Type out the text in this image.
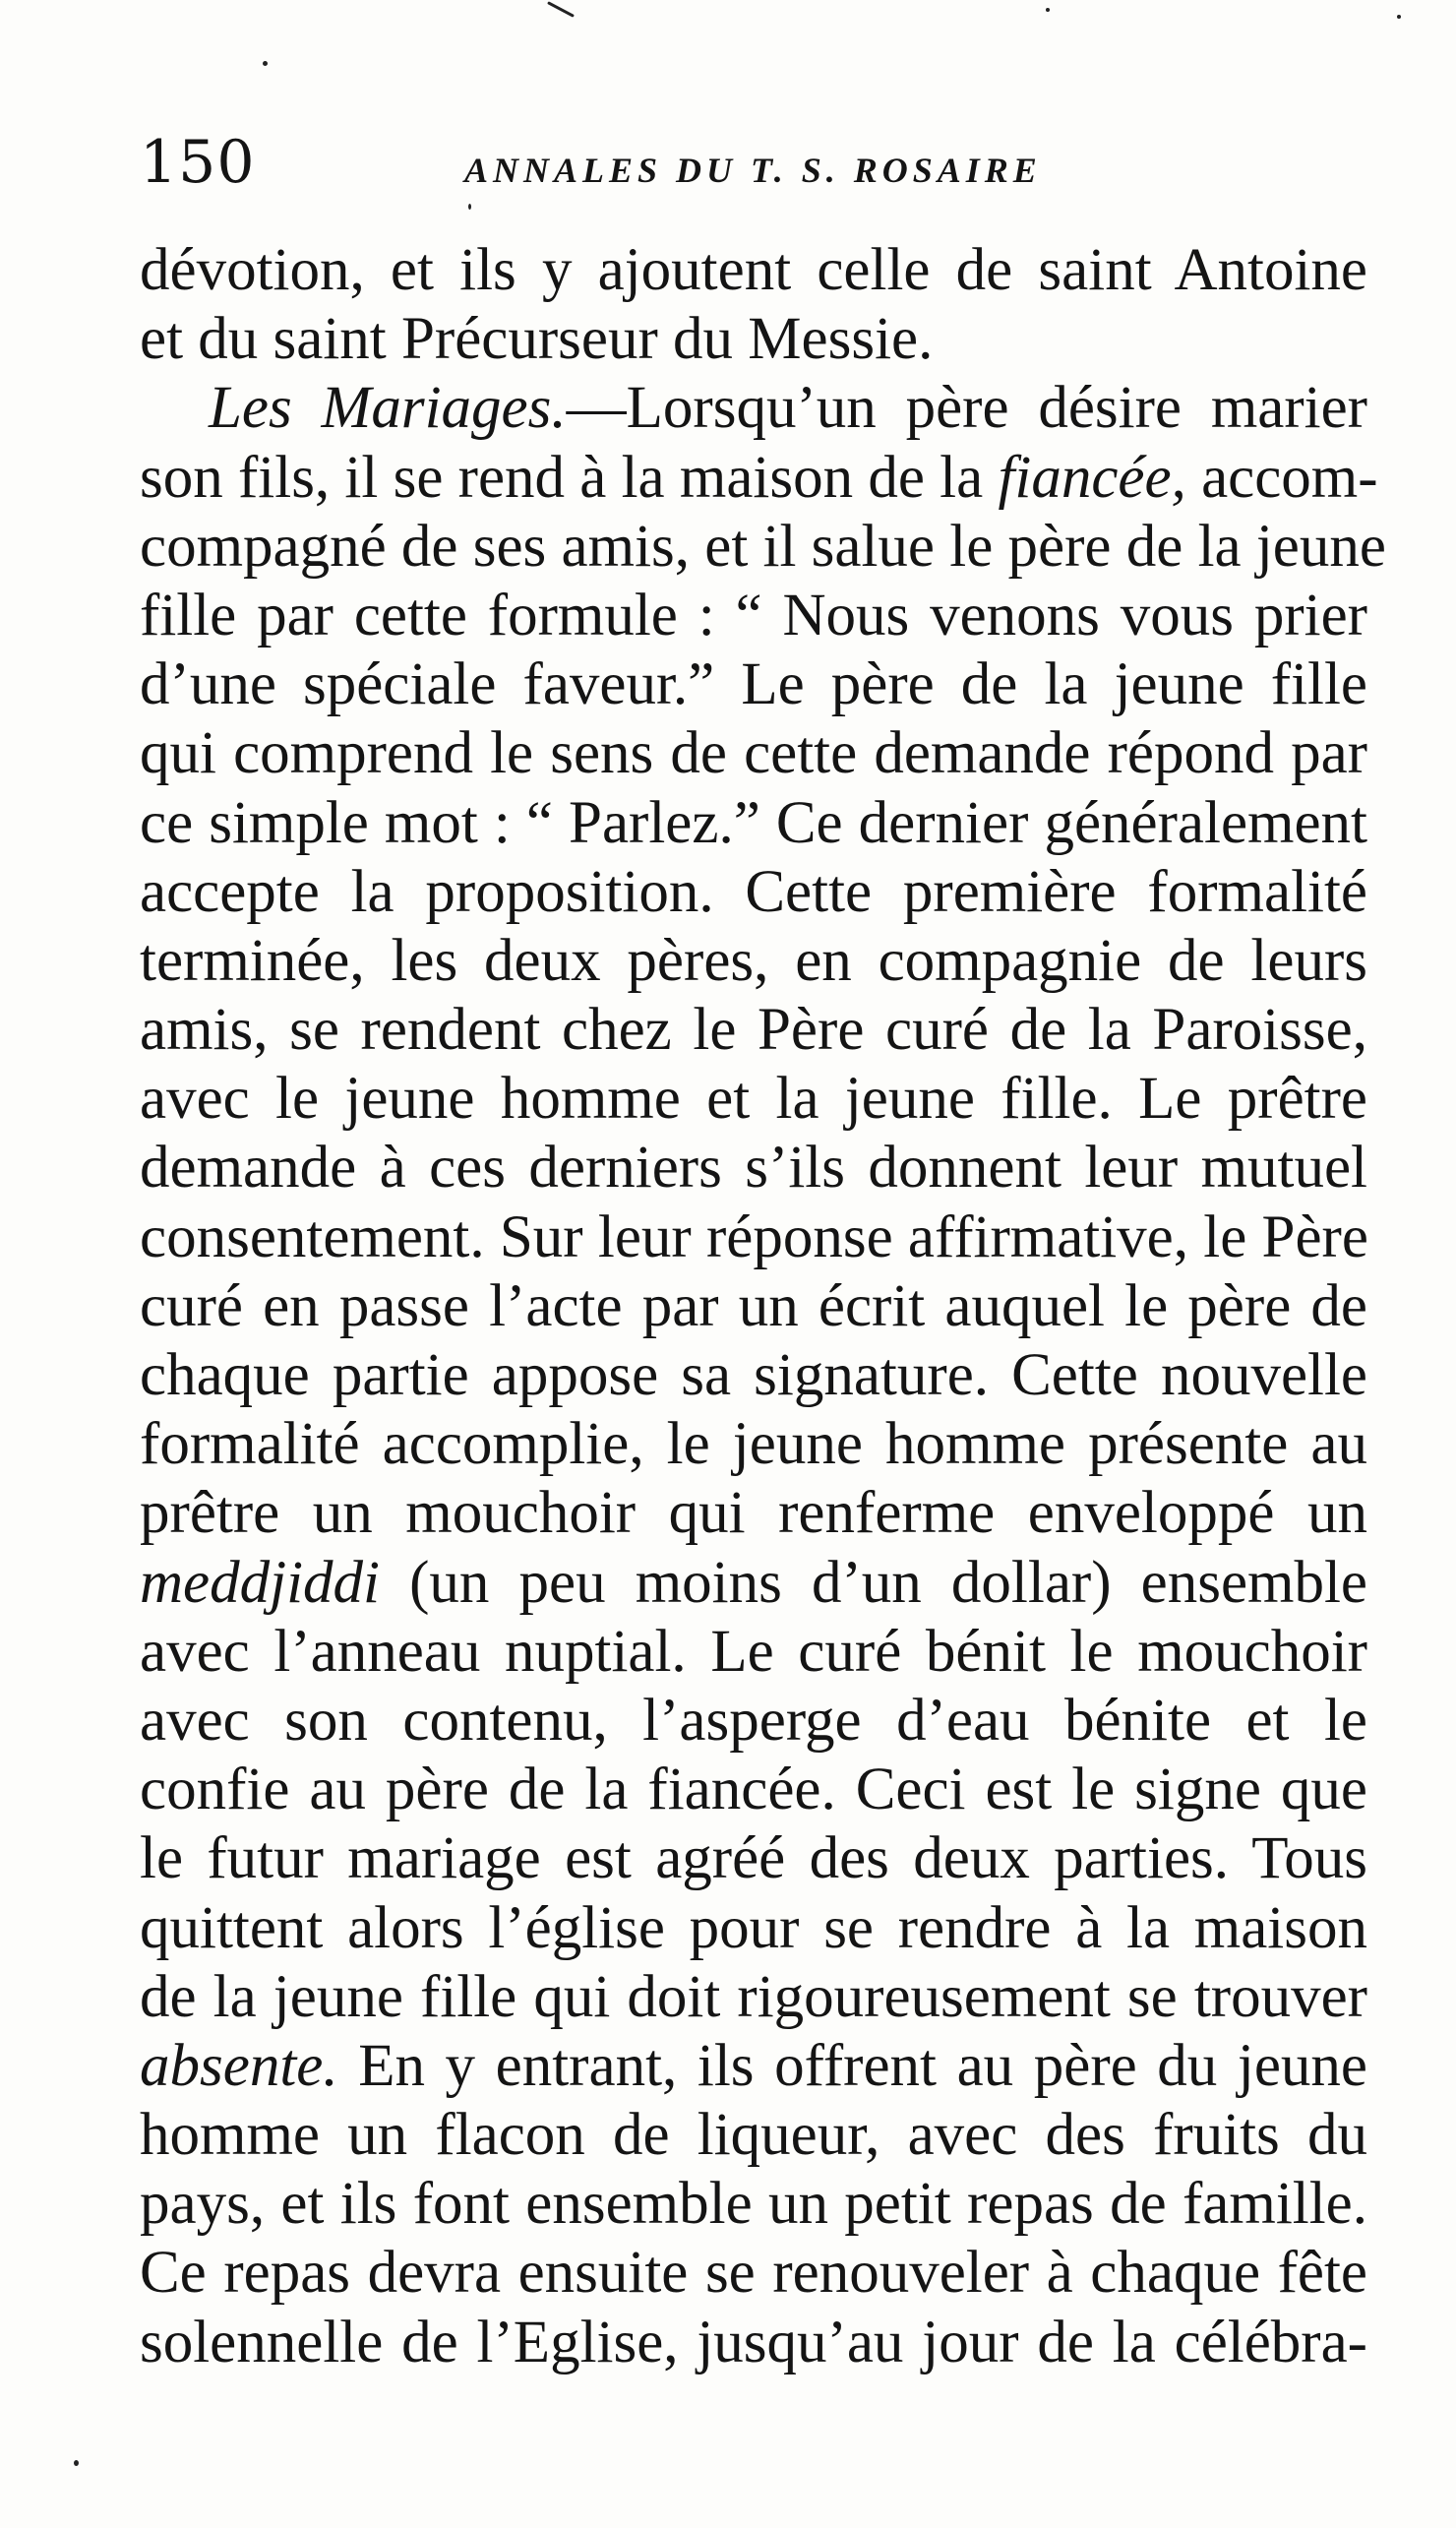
150	ANNALES DU T. S. ROSAIRE
dévotion, et ils y ajoutent celle de saint Antoine
et du saint Précurseur du Messie.
Les Mariages.—Lorsqu’un père désire marier
son fils, il se rend à la maison de la fiancée, accom-
compagné de ses amis, et il salue le père de la jeune
fille par cette formule : “ Nous venons vous prier
d’une spéciale faveur.” Le père de la jeune fille
qui comprend le sens de cette demande répond par
ce simple mot : “ Parlez.” Ce dernier généralement
accepte la proposition. Cette première formalité
terminée, les deux pères, en compagnie de leurs
amis, se rendent chez le Père curé de la Paroisse,
avec le jeune homme et la jeune fille. Le prêtre
demande à ces derniers s’ils donnent leur mutuel
consentement. Sur leur réponse affirmative, le Père
curé en passe l’acte par un écrit auquel le père de
chaque partie appose sa signature. Cette nouvelle
formalité accomplie, le jeune homme présente au
prêtre un mouchoir qui renferme enveloppé un
meddjiddi (un peu moins d’un dollar) ensemble
avec l’anneau nuptial. Le curé bénit le mouchoir
avec son contenu, l’asperge d’eau bénite et le
confie au père de la fiancée. Ceci est le signe que
le futur mariage est agréé des deux parties. Tous
quittent alors l’église pour se rendre à la maison
de la jeune fille qui doit rigoureusement se trouver
absente. En y entrant, ils offrent au père du jeune
homme un flacon de liqueur, avec des fruits du
pays, et ils font ensemble un petit repas de famille.
Ce repas devra ensuite se renouveler à chaque fête
solennelle de l’Eglise, jusqu’au jour de la célébra-
